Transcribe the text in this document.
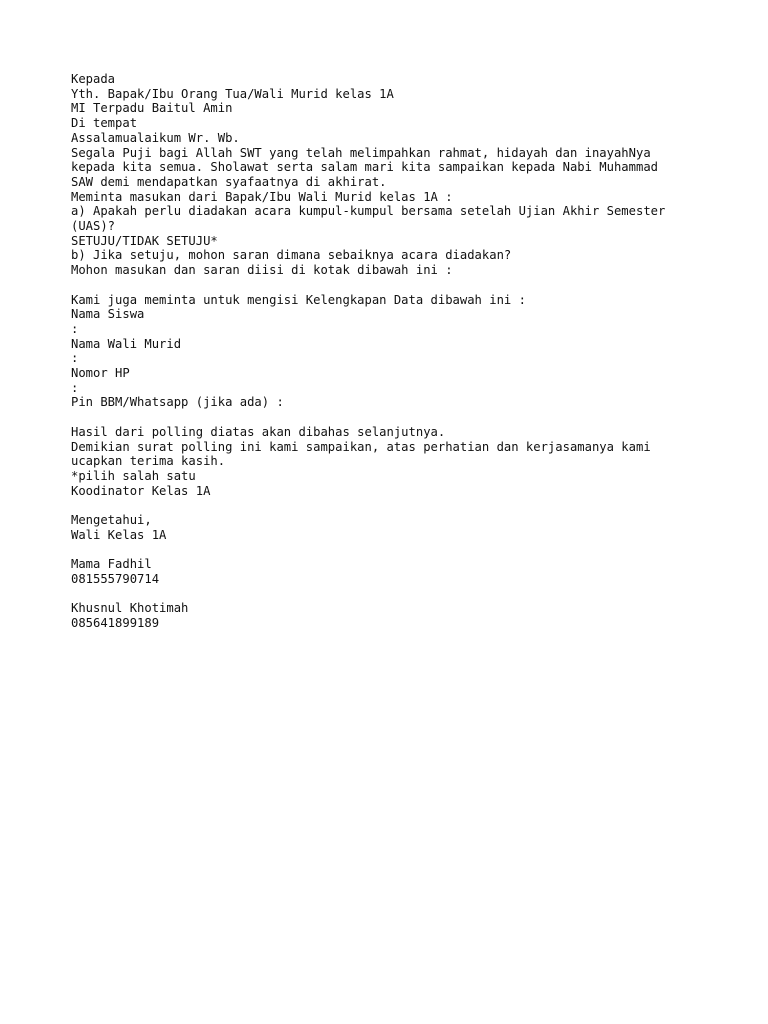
Kepada
Yth. Bapak/Ibu Orang Tua/Wali Murid kelas 1A
MI Terpadu Baitul Amin
Di tempat
Assalamualaikum Wr. Wb.
Segala Puji bagi Allah SWT yang telah melimpahkan rahmat, hidayah dan inayahNya
kepada kita semua. Sholawat serta salam mari kita sampaikan kepada Nabi Muhammad
SAW demi mendapatkan syafaatnya di akhirat.
Meminta masukan dari Bapak/Ibu Wali Murid kelas 1A :
a) Apakah perlu diadakan acara kumpul-kumpul bersama setelah Ujian Akhir Semester
(UAS)?
SETUJU/TIDAK SETUJU*
b) Jika setuju, mohon saran dimana sebaiknya acara diadakan?
Mohon masukan dan saran diisi di kotak dibawah ini :
Kami juga meminta untuk mengisi Kelengkapan Data dibawah ini :
Nama Siswa
:
Nama Wali Murid
:
Nomor HP
:
Pin BBM/Whatsapp (jika ada) :
Hasil dari polling diatas akan dibahas selanjutnya.
Demikian surat polling ini kami sampaikan, atas perhatian dan kerjasamanya kami
ucapkan terima kasih.
*pilih salah satu
Koodinator Kelas 1A
Mengetahui,
Wali Kelas 1A
Mama Fadhil
081555790714
Khusnul Khotimah
085641899189
